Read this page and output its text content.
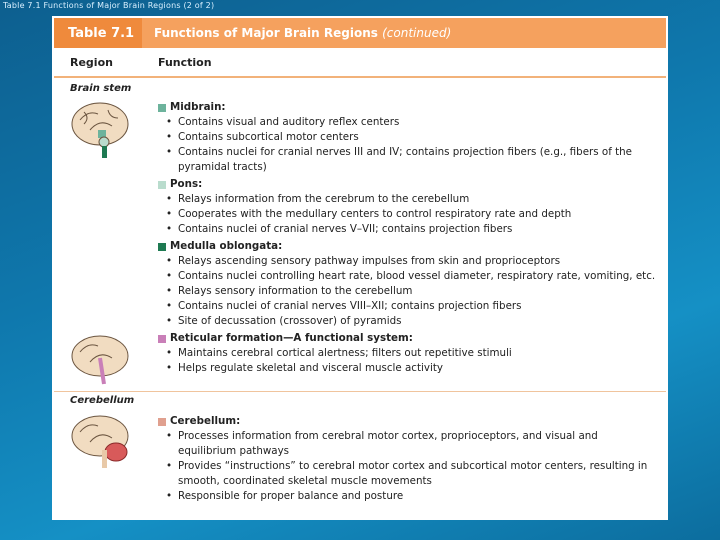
Table 7.1 Functions of Major Brain Regions (2 of 2)
Table 7.1	Functions of Major Brain Regions (continued)
Region	Function
Brain stem
Midbrain:
• Contains visual and auditory reflex centers
• Contains subcortical motor centers
• Contains nuclei for cranial nerves III and IV; contains projection fibers (e.g., fibers of the
pyramidal tracts)
Pons:
• Relays information from the cerebrum to the cerebellum
• Cooperates with the medullary centers to control respiratory rate and depth
• Contains nuclei of cranial nerves V–VII; contains projection fibers
Medulla oblongata:
• Relays ascending sensory pathway impulses from skin and proprioceptors
• Contains nuclei controlling heart rate, blood vessel diameter, respiratory rate, vomiting, etc.
• Relays sensory information to the cerebellum
• Contains nuclei of cranial nerves VIII–XII; contains projection fibers
• Site of decussation (crossover) of pyramids
Reticular formation—A functional system:
• Maintains cerebral cortical alertness; filters out repetitive stimuli
• Helps regulate skeletal and visceral muscle activity
Cerebellum
Cerebellum:
• Processes information from cerebral motor cortex, proprioceptors, and visual and
equilibrium pathways
• Provides “instructions” to cerebral motor cortex and subcortical motor centers, resulting in
smooth, coordinated skeletal muscle movements
• Responsible for proper balance and posture
